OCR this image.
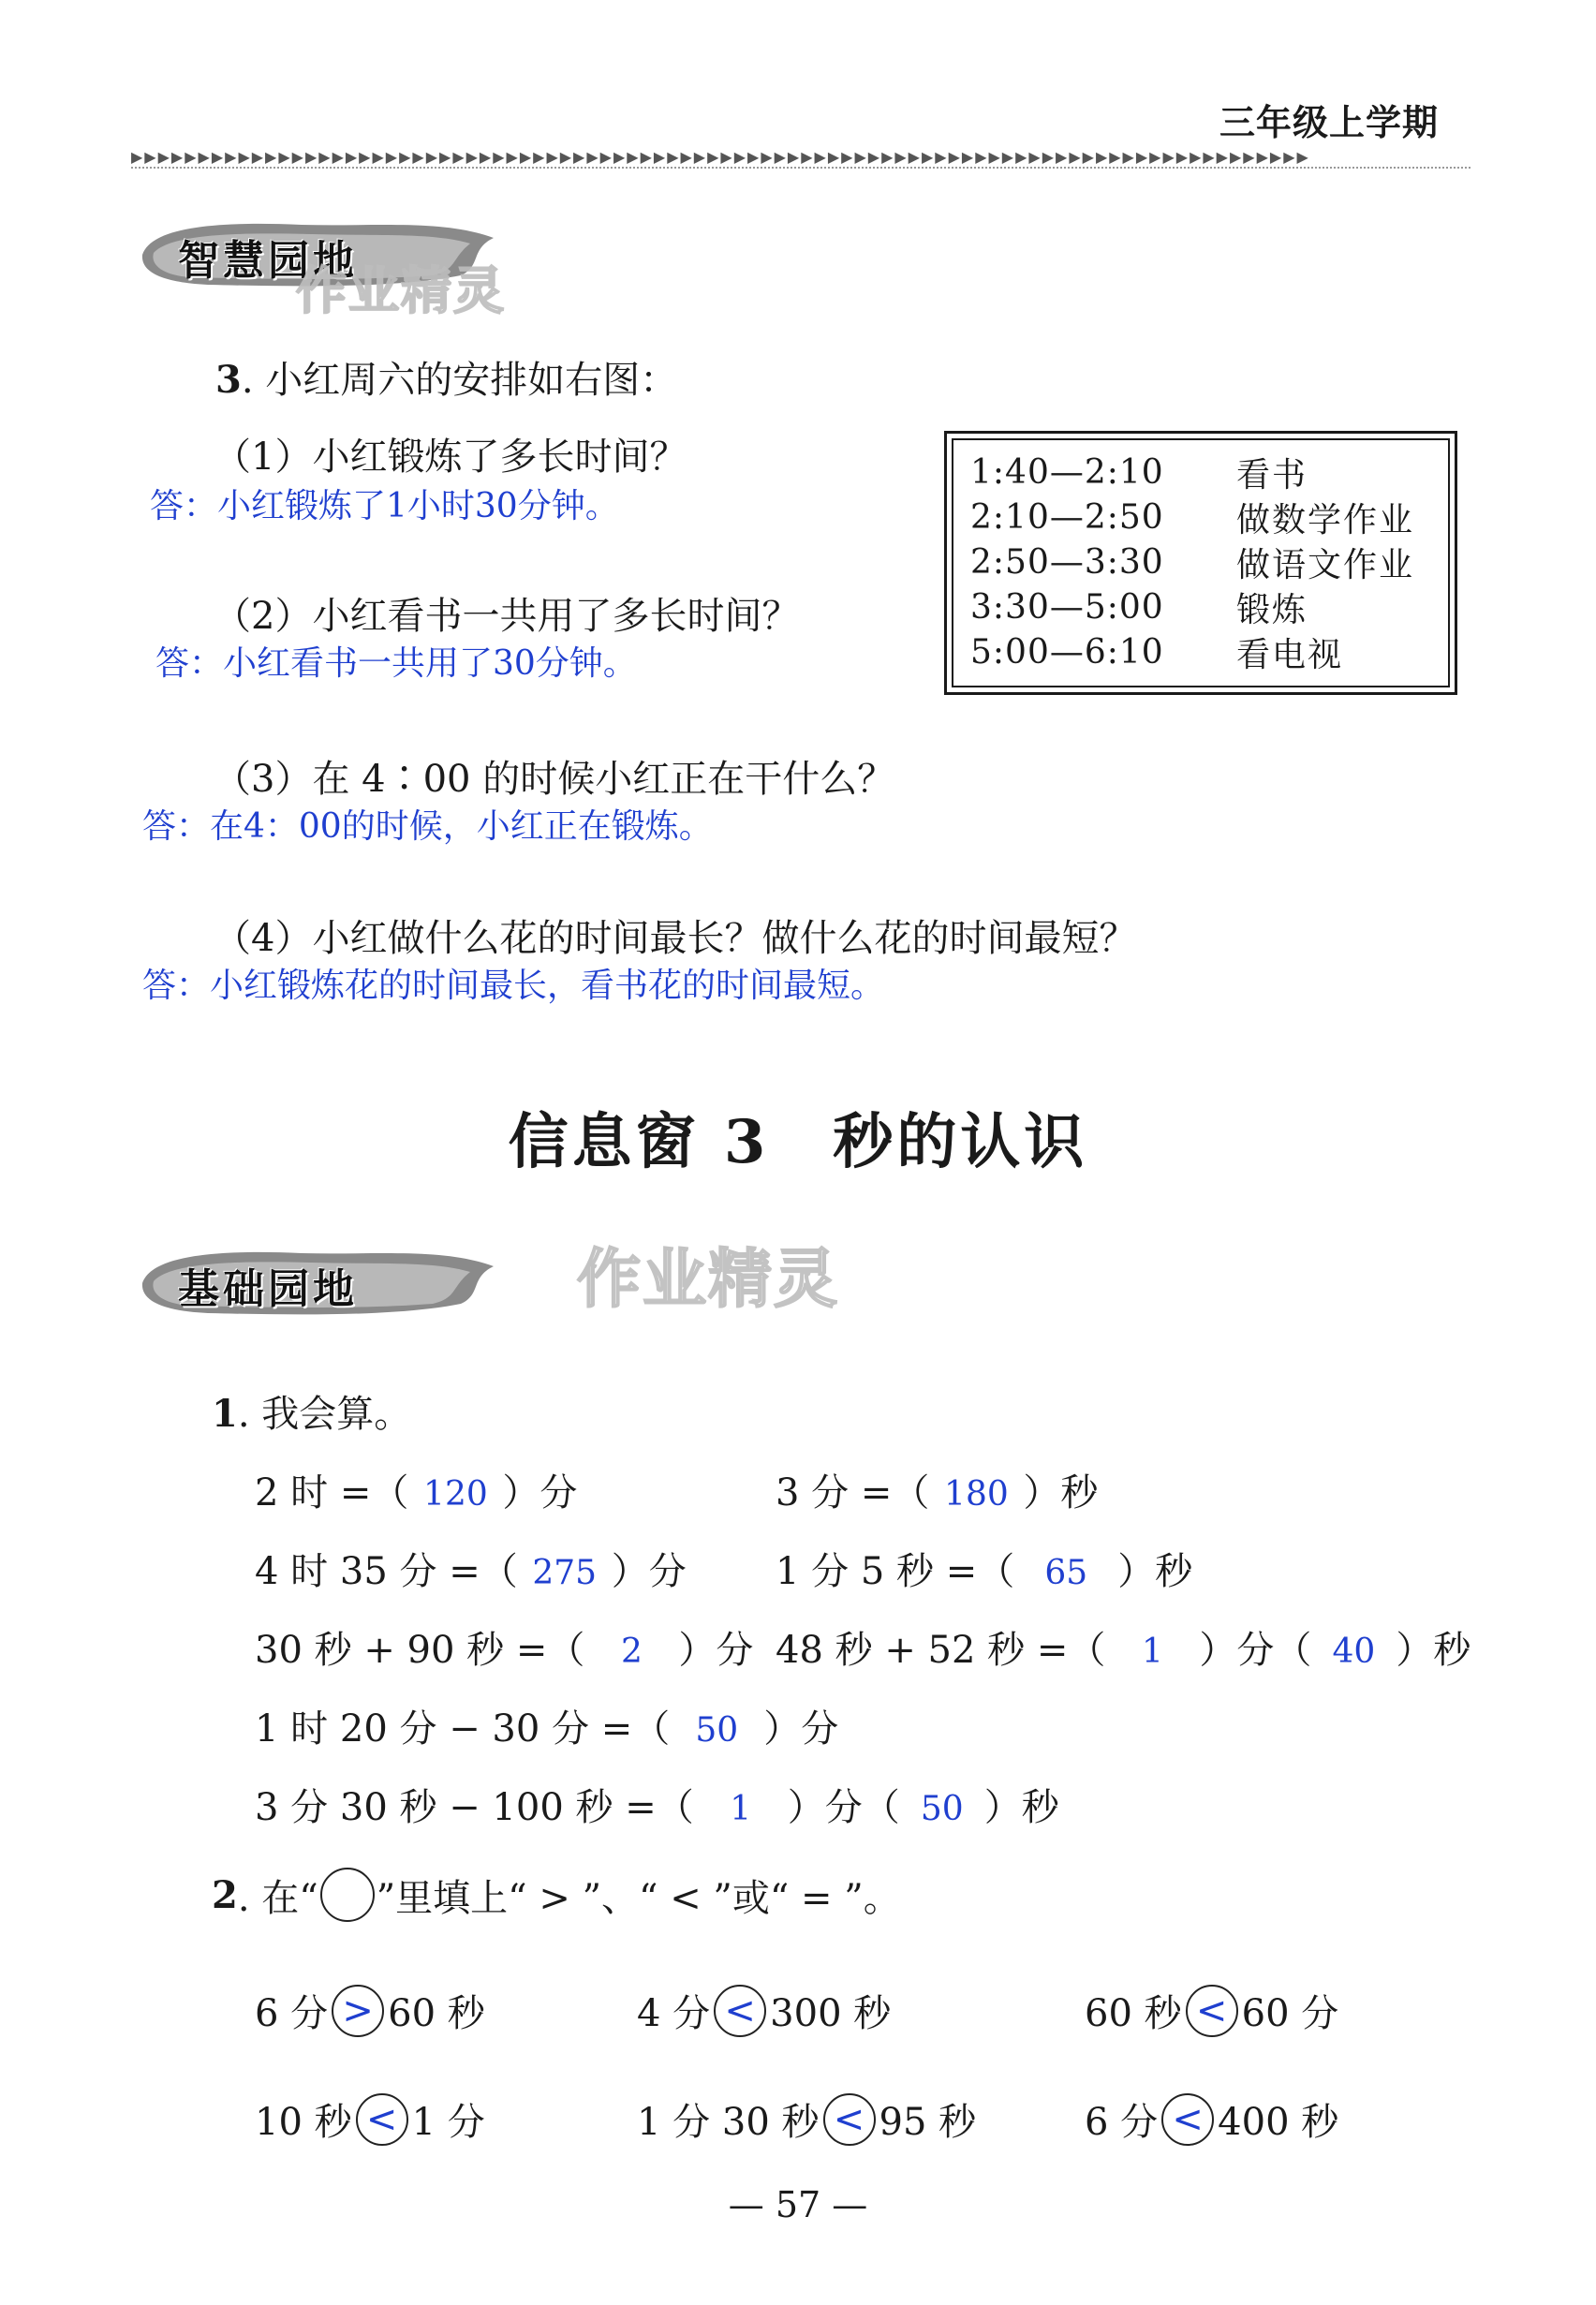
三年级上学期
▶▶▶▶▶▶▶▶▶▶▶▶▶▶▶▶▶▶▶▶▶▶▶▶▶▶▶▶▶▶▶▶▶▶▶▶▶▶▶▶▶▶▶▶▶▶▶▶▶▶▶▶▶▶▶▶▶▶▶▶▶▶▶▶▶▶▶▶▶▶▶▶▶▶▶▶▶▶▶▶▶▶▶▶▶▶▶▶
智慧园地
作业精灵
3. 小红周六的安排如右图：
（1）小红锻炼了多长时间？
答：小红锻炼了1小时30分钟。
（2）小红看书一共用了多长时间？
答：小红看书一共用了30分钟。
（3）在 4∶00 的时候小红正在干什么？
答：在4：00的时候，小红正在锻炼。
（4）小红做什么花的时间最长？做什么花的时间最短？
答：小红锻炼花的时间最长，看书花的时间最短。
1:40—2:10	看书
2:10—2:50	做数学作业
2:50—3:30	做语文作业
3:30—5:00	锻炼
5:00—6:10	看电视
信息窗 3　秒的认识
基础园地	作业精灵
1. 我会算。
2 时 =（ 120 ）分	3 分 =（ 180 ）秒
4 时 35 分 =（ 275 ）分 1 分 5 秒 =（ 65 ）秒
30 秒 + 90 秒 =（ 2 ）分 48 秒 + 52 秒 =（ 1 ）分（ 40 ）秒
1 时 20 分 − 30 分 =（ 50 ）分
3 分 30 秒 − 100 秒 =（ 1 ）分（ 50 ）秒
2 . 在“ ”里填上“ > ”、“ < ”或“ = ”。
6 分 > 60 秒	4 分 < 300 秒	60 秒 < 60 分
10 秒 < 1 分	1 分 30 秒 < 95 秒	6 分 < 400 秒
— 57 —
